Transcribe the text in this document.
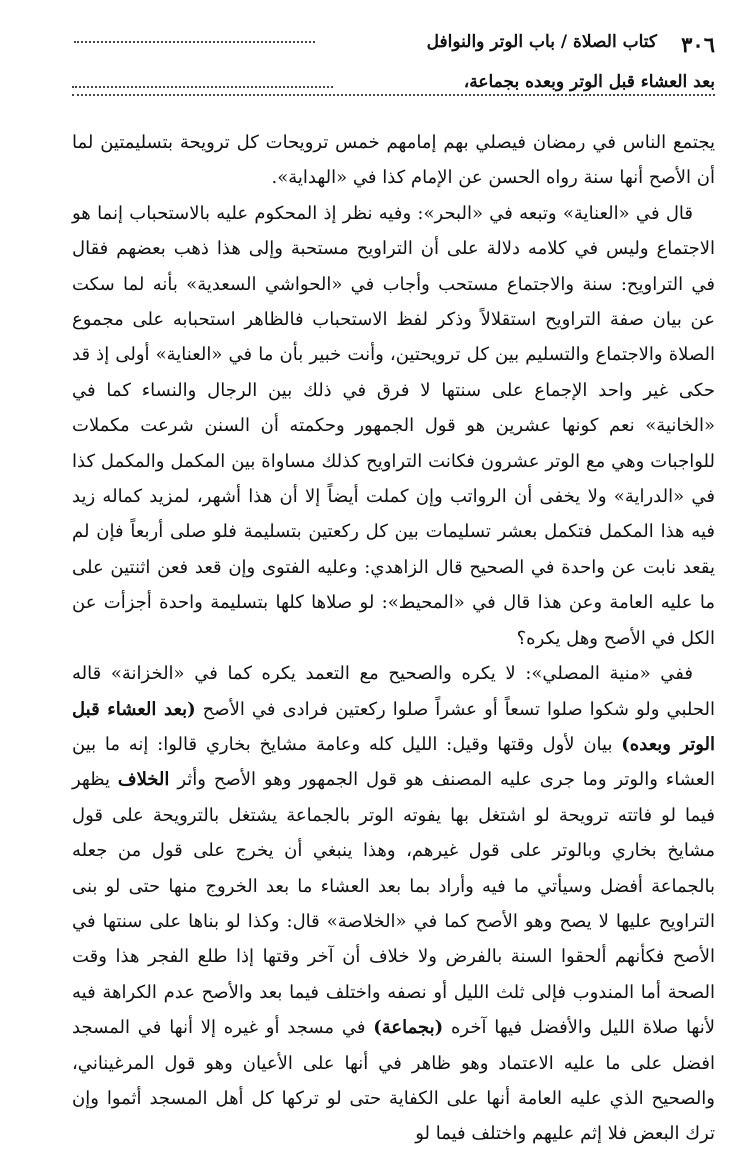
٣٠٦
كتاب الصلاة / باب الوتر والنوافل
بعد العشاء قبل الوتر وبعده بجماعة،

يجتمع الناس في رمضان فيصلي بهم إمامهم خمس ترويحات كل ترويحة بتسليمتين لما أن الأصح أنها سنة رواه الحسن عن الإمام كذا في «الهداية».

قال في «العناية» وتبعه في «البحر»: وفيه نظر إذ المحكوم عليه بالاستحباب إنما هو الاجتماع وليس في كلامه دلالة على أن التراويح مستحبة وإلى هذا ذهب بعضهم فقال في التراويح: سنة والاجتماع مستحب وأجاب في «الحواشي السعدية» بأنه لما سكت عن بيان صفة التراويح استقلالاً وذكر لفظ الاستحباب فالظاهر استحبابه على مجموع الصلاة والاجتماع والتسليم بين كل ترويحتين، وأنت خبير بأن ما في «العناية» أولى إذ قد حكى غير واحد الإجماع على سنتها لا فرق في ذلك بين الرجال والنساء كما في «الخانية» نعم كونها عشرين هو قول الجمهور وحكمته أن السنن شرعت مكملات للواجبات وهي مع الوتر عشرون فكانت التراويح كذلك مساواة بين المكمل والمكمل كذا في «الدراية» ولا يخفى أن الرواتب وإن كملت أيضاً إلا أن هذا أشهر، لمزيد كماله زيد فيه هذا المكمل فتكمل بعشر تسليمات بين كل ركعتين بتسليمة فلو صلى أربعاً فإن لم يقعد نابت عن واحدة في الصحيح قال الزاهدي: وعليه الفتوى وإن قعد فعن اثنتين على ما عليه العامة وعن هذا قال في «المحيط»: لو صلاها كلها بتسليمة واحدة أجزأت عن الكل في الأصح وهل يكره؟

ففي «منية المصلي»: لا يكره والصحيح مع التعمد يكره كما في «الخزانة» قاله الحلبي ولو شكوا صلوا تسعاً أو عشراً صلوا ركعتين فرادى في الأصح (بعد العشاء قبل الوتر وبعده) بيان لأول وقتها وقيل: الليل كله وعامة مشايخ بخاري قالوا: إنه ما بين العشاء والوتر وما جرى عليه المصنف هو قول الجمهور وهو الأصح وأثر الخلاف يظهر فيما لو فاتته ترويحة لو اشتغل بها يفوته الوتر بالجماعة يشتغل بالترويحة على قول مشايخ بخاري وبالوتر على قول غيرهم، وهذا ينبغي أن يخرج على قول من جعله بالجماعة أفضل وسيأتي ما فيه وأراد بما بعد العشاء ما بعد الخروج منها حتى لو بنى التراويح عليها لا يصح وهو الأصح كما في «الخلاصة» قال: وكذا لو بناها على سنتها في الأصح فكأنهم ألحقوا السنة بالفرض ولا خلاف أن آخر وقتها إذا طلع الفجر هذا وقت الصحة أما المندوب فإلى ثلث الليل أو نصفه واختلف فيما بعد والأصح عدم الكراهة فيه لأنها صلاة الليل والأفضل فيها آخره (بجماعة) في مسجد أو غيره إلا أنها في المسجد افضل على ما عليه الاعتماد وهو ظاهر في أنها على الأعيان وهو قول المرغيناني، والصحيح الذي عليه العامة أنها على الكفاية حتى لو تركها كل أهل المسجد أثموا وإن ترك البعض فلا إثم عليهم واختلف فيما لو
